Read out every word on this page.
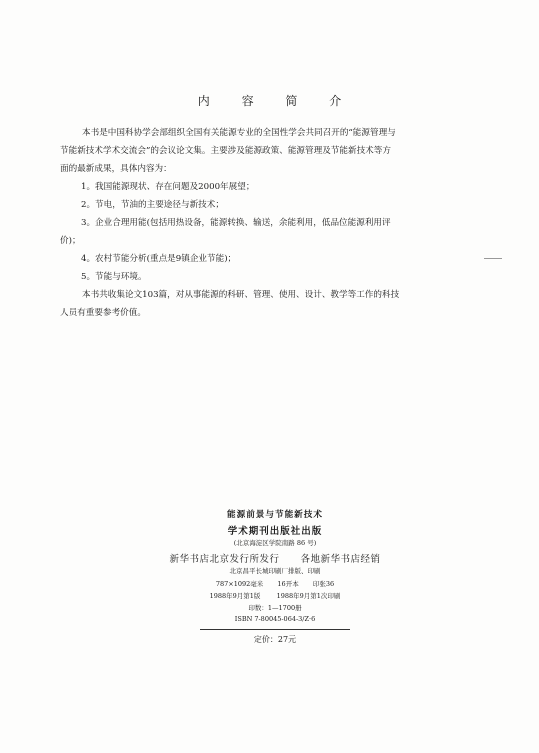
内 容 简 介

本书是中国科协学会部组织全国有关能源专业的全国性学会共同召开的“能源管理与

节能新技术学术交流会”的会议论文集。主要涉及能源政策、能源管理及节能新技术等方

面的最新成果，具体内容为：

1。我国能源现状、存在问题及2000年展望；

2。节电，节油的主要途径与新技术；

3。企业合理用能(包括用热设备，能源转换、输送，余能利用，低品位能源利用评

价)；

4。农村节能分析(重点是9镇企业节能)；

5。节能与环境。

本书共收集论文103篇，对从事能源的科研、管理、使用、设计、教学等工作的科技

人员有重要参考价值。

能源前景与节能新技术
学术期刊出版社出版
(北京海淀区学院南路 86 号)
新华书店北京发行所发行 各地新华书店经销
北京昌平长城印刷厂排版、印刷
787×1092毫米 16开本 印张36
1988年9月第1版 1988年9月第1次印刷
印数：1—1700册
ISBN 7-80045-064-3/Z·6
定价：27元
